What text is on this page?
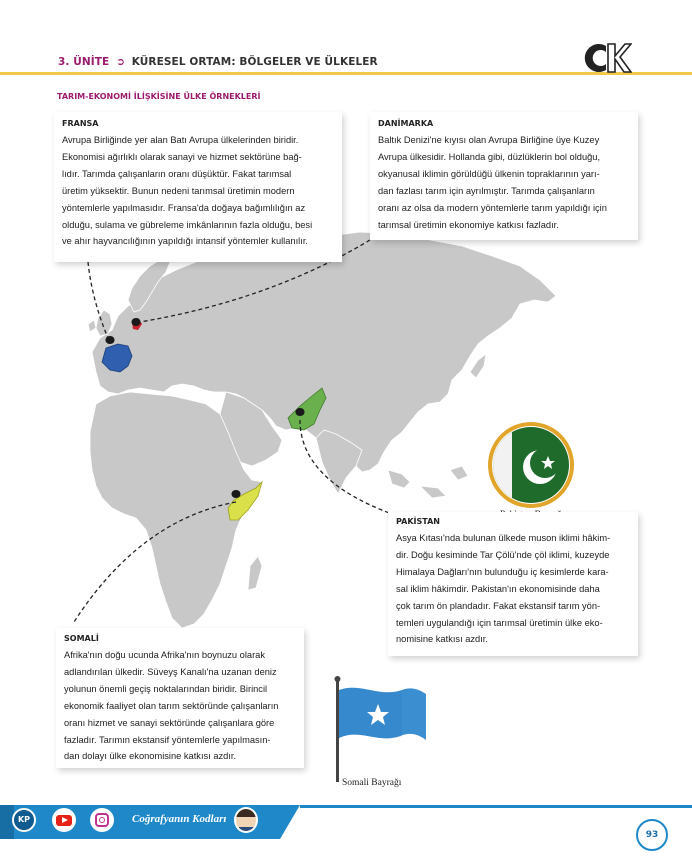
3. ÜNİTE ➲ KÜRESEL ORTAM: BÖLGELER VE ÜLKELER
TARIM-EKONOMİ İLİŞKİSİNE ÜLKE ÖRNEKLERİ
FRANSA
Avrupa Birliğinde yer alan Batı Avrupa ülkelerinden biridir.
Ekonomisi ağırlıklı olarak sanayi ve hizmet sektörüne bağ-
lıdır. Tarımda çalışanların oranı düşüktür. Fakat tarımsal
üretim yüksektir. Bunun nedeni tarımsal üretimin modern
yöntemlerle yapılmasıdır. Fransa'da doğaya bağımlılığın az
olduğu, sulama ve gübreleme imkânlarının fazla olduğu, besi
ve ahır hayvancılığının yapıldığı intansif yöntemler kullanılır.
DANİMARKA
Baltık Denizi'ne kıyısı olan Avrupa Birliğine üye Kuzey
Avrupa ülkesidir. Hollanda gibi, düzlüklerin bol olduğu,
okyanusal iklimin görüldüğü ülkenin topraklarının yarı-
dan fazlası tarım için ayrılmıştır. Tarımda çalışanların
oranı az olsa da modern yöntemlerle tarım yapıldığı için
tarımsal üretimin ekonomiye katkısı fazladır.
PAKİSTAN
Asya Kıtası'nda bulunan ülkede muson iklimi hâkim-
dir. Doğu kesiminde Tar Çölü'nde çöl iklimi, kuzeyde
Himalaya Dağları'nın bulunduğu iç kesimlerde kara-
sal iklim hâkimdir. Pakistan'ın ekonomisinde daha
çok tarım ön plandadır. Fakat ekstansif tarım yön-
temleri uygulandığı için tarımsal üretimin ülke eko-
nomisine katkısı azdır.
SOMALİ
Afrika'nın doğu ucunda Afrika'nın boynuzu olarak
adlandırılan ülkedir. Süveyş Kanalı'na uzanan deniz
yolunun önemli geçiş noktalarından biridir. Birincil
ekonomik faaliyet olan tarım sektöründe çalışanların
oranı hizmet ve sanayi sektöründe çalışanlara göre
fazladır. Tarımın ekstansif yöntemlerle yapılmasın-
dan dolayı ülke ekonomisine katkısı azdır.
Somali Bayrağı
KP	Coğrafyanın Kodları
93
